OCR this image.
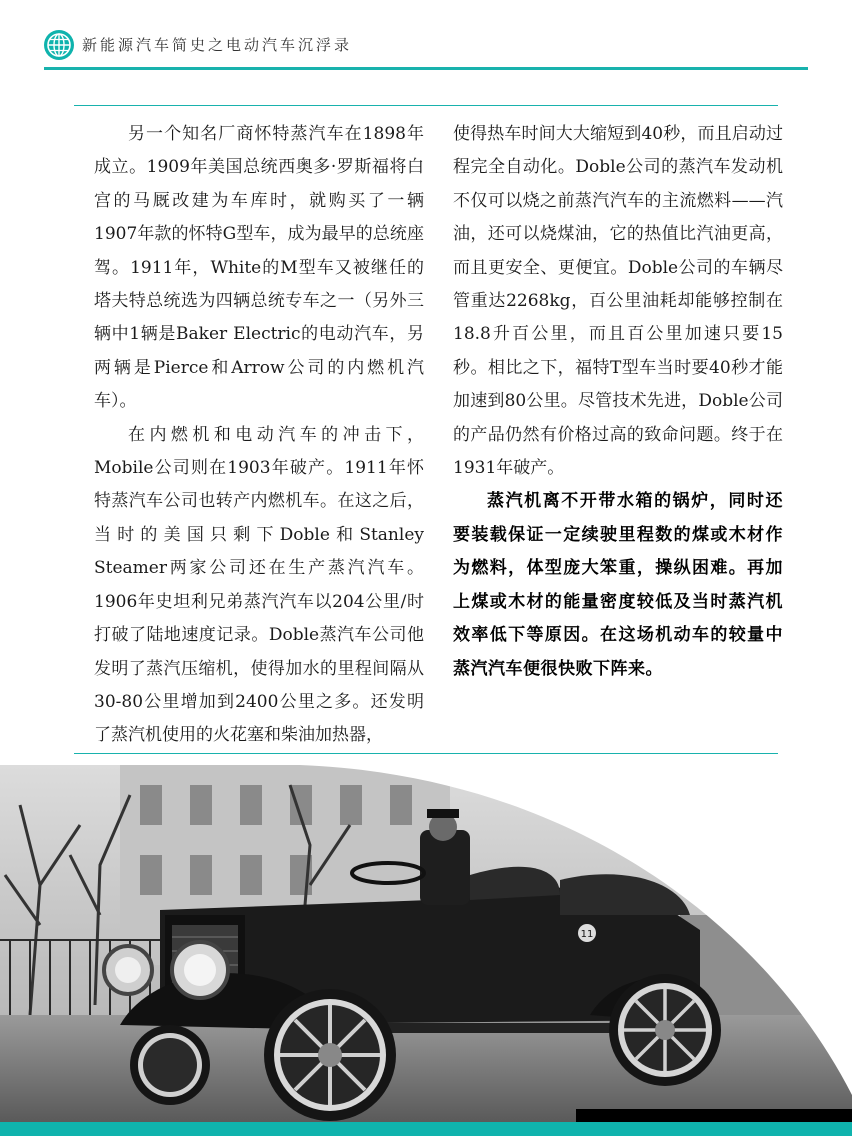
新能源汽车简史之电动汽车沉浮录

另一个知名厂商怀特蒸汽车在1898年成立。1909年美国总统西奥多·罗斯福将白宫的马厩改建为车库时，就购买了一辆1907年款的怀特G型车，成为最早的总统座驾。1911年，White的M型车又被继任的塔夫特总统选为四辆总统专车之一（另外三辆中1辆是Baker Electric的电动汽车，另两辆是Pierce和Arrow公司的内燃机汽车）。

在内燃机和电动汽车的冲击下，Mobile公司则在1903年破产。1911年怀特蒸汽车公司也转产内燃机车。在这之后，当时的美国只剩下Doble和Stanley Steamer两家公司还在生产蒸汽汽车。1906年史坦利兄弟蒸汽汽车以204公里/时打破了陆地速度记录。Doble蒸汽车公司他发明了蒸汽压缩机，使得加水的里程间隔从30-80公里增加到2400公里之多。还发明了蒸汽机使用的火花塞和柴油加热器，

使得热车时间大大缩短到40秒，而且启动过程完全自动化。Doble公司的蒸汽车发动机不仅可以烧之前蒸汽汽车的主流燃料——汽油，还可以烧煤油，它的热值比汽油更高，而且更安全、更便宜。Doble公司的车辆尽管重达2268kg，百公里油耗却能够控制在18.8升百公里，而且百公里加速只要15秒。相比之下，福特T型车当时要40秒才能加速到80公里。尽管技术先进，Doble公司的产品仍然有价格过高的致命问题。终于在1931年破产。

蒸汽机离不开带水箱的锅炉，同时还要装载保证一定续驶里程数的煤或木材作为燃料，体型庞大笨重，操纵困难。再加上煤或木材的能量密度较低及当时蒸汽机效率低下等原因。在这场机动车的较量中蒸汽汽车便很快败下阵来。

11
